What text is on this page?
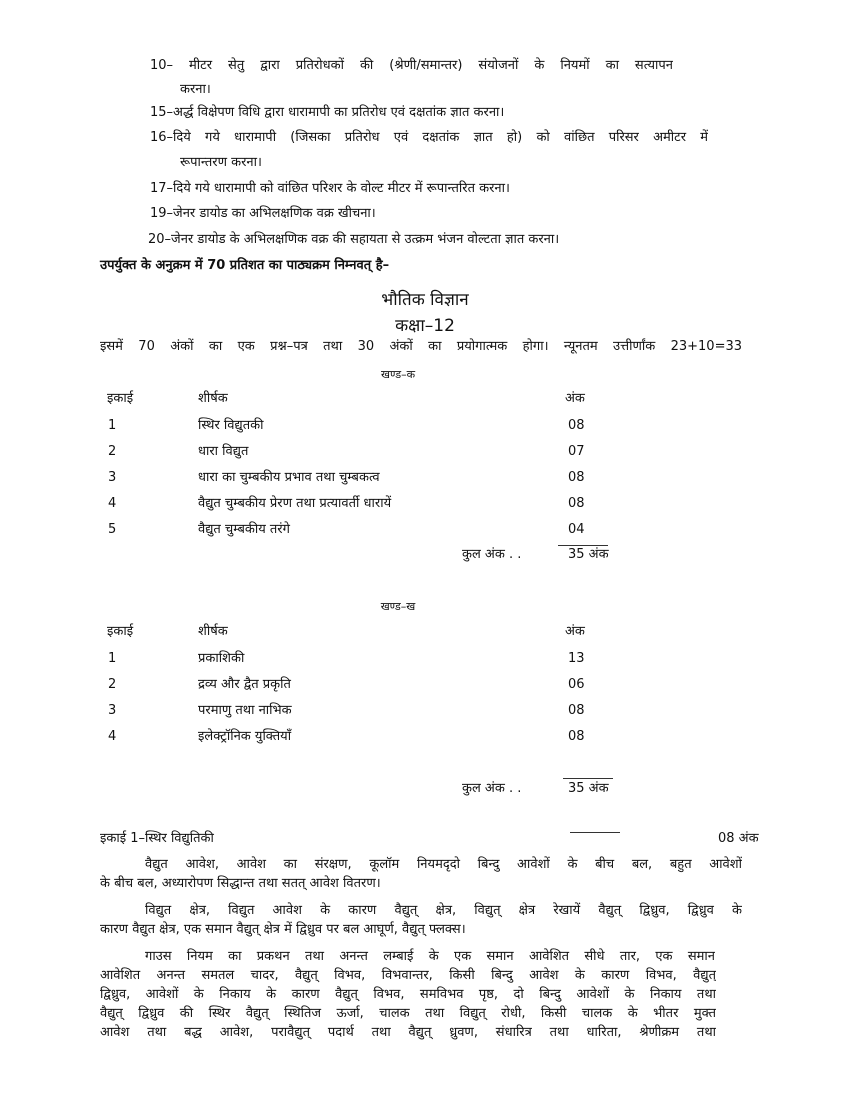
10– मीटर सेतु द्वारा प्रतिरोधकों की (श्रेणी/समान्तर) संयोजनों के नियमों का सत्यापन
करना।
15–अर्द्ध विक्षेपण विधि द्वारा धारामापी का प्रतिरोध एवं दक्षतांक ज्ञात करना।
16–दिये गये धारामापी (जिसका प्रतिरोध एवं दक्षतांक ज्ञात हो) को वांछित परिसर अमीटर में
रूपान्तरण करना।
17–दिये गये धारामापी को वांछित परिशर के वोल्ट मीटर में रूपान्तरित करना।
19–जेनर डायोड का अभिलक्षणिक वक्र खीचना।
20–जेनर डायोड के अभिलक्षणिक वक्र की सहायता से उत्क्रम भंजन वोल्टता ज्ञात करना।
उपर्युक्त के अनुक्रम में 70 प्रतिशत का पाठ्यक्रम निम्नवत् है–
भौतिक विज्ञान
कक्षा–12
इसमें 70 अंकों का एक प्रश्न–पत्र तथा 30 अंकों का प्रयोगात्मक होगा। न्यूनतम उत्तीर्णांक 23+10=33
खण्ड–क
इकाई	शीर्षक	अंक
1	स्थिर विद्युतकी	08
2	धारा विद्युत	07
3	धारा का चुम्बकीय प्रभाव तथा चुम्बकत्व	08
4	वैद्युत चुम्बकीय प्रेरण तथा प्रत्यावर्ती धारायें	08
5	वैद्युत चुम्बकीय तरंगे	04
कुल अंक . .	35 अंक
खण्ड–ख
इकाई	शीर्षक	अंक
1	प्रकाशिकी	13
2	द्रव्य और द्वैत प्रकृति	06
3	परमाणु तथा नाभिक	08
4	इलेक्ट्रॉनिक युक्तियाँ	08
कुल अंक . .	35 अंक
इकाई 1–स्थिर विद्युतिकी	08 अंक
वैद्युत आवेश, आवेश का संरक्षण, कूलॉम नियमदृदो बिन्दु आवेशों के बीच बल, बहुत आवेशों
के बीच बल, अध्यारोपण सिद्धान्त तथा सतत् आवेश वितरण।
विद्युत क्षेत्र, विद्युत आवेश के कारण वैद्युत् क्षेत्र, विद्युत् क्षेत्र रेखायें वैद्युत् द्विध्रुव, द्विध्रुव के
कारण वैद्युत क्षेत्र, एक समान वैद्युत् क्षेत्र में द्विध्रुव पर बल आघूर्ण, वैद्युत् फ्लक्स।
गाउस नियम का प्रकथन तथा अनन्त लम्बाई के एक समान आवेशित सीधे तार, एक समान
आवेशित अनन्त समतल चादर, वैद्युत् विभव, विभवान्तर, किसी बिन्दु आवेश के कारण विभव, वैद्युत्
द्विध्रुव, आवेशों के निकाय के कारण वैद्युत् विभव, समविभव पृष्ठ, दो बिन्दु आवेशों के निकाय तथा
वैद्युत् द्विध्रुव की स्थिर वैद्युत् स्थितिज ऊर्जा, चालक तथा विद्युत् रोधी, किसी चालक के भीतर मुक्त
आवेश तथा बद्ध आवेश, परावैद्युत् पदार्थ तथा वैद्युत् ध्रुवण, संधारित्र तथा धारिता, श्रेणीक्रम तथा
